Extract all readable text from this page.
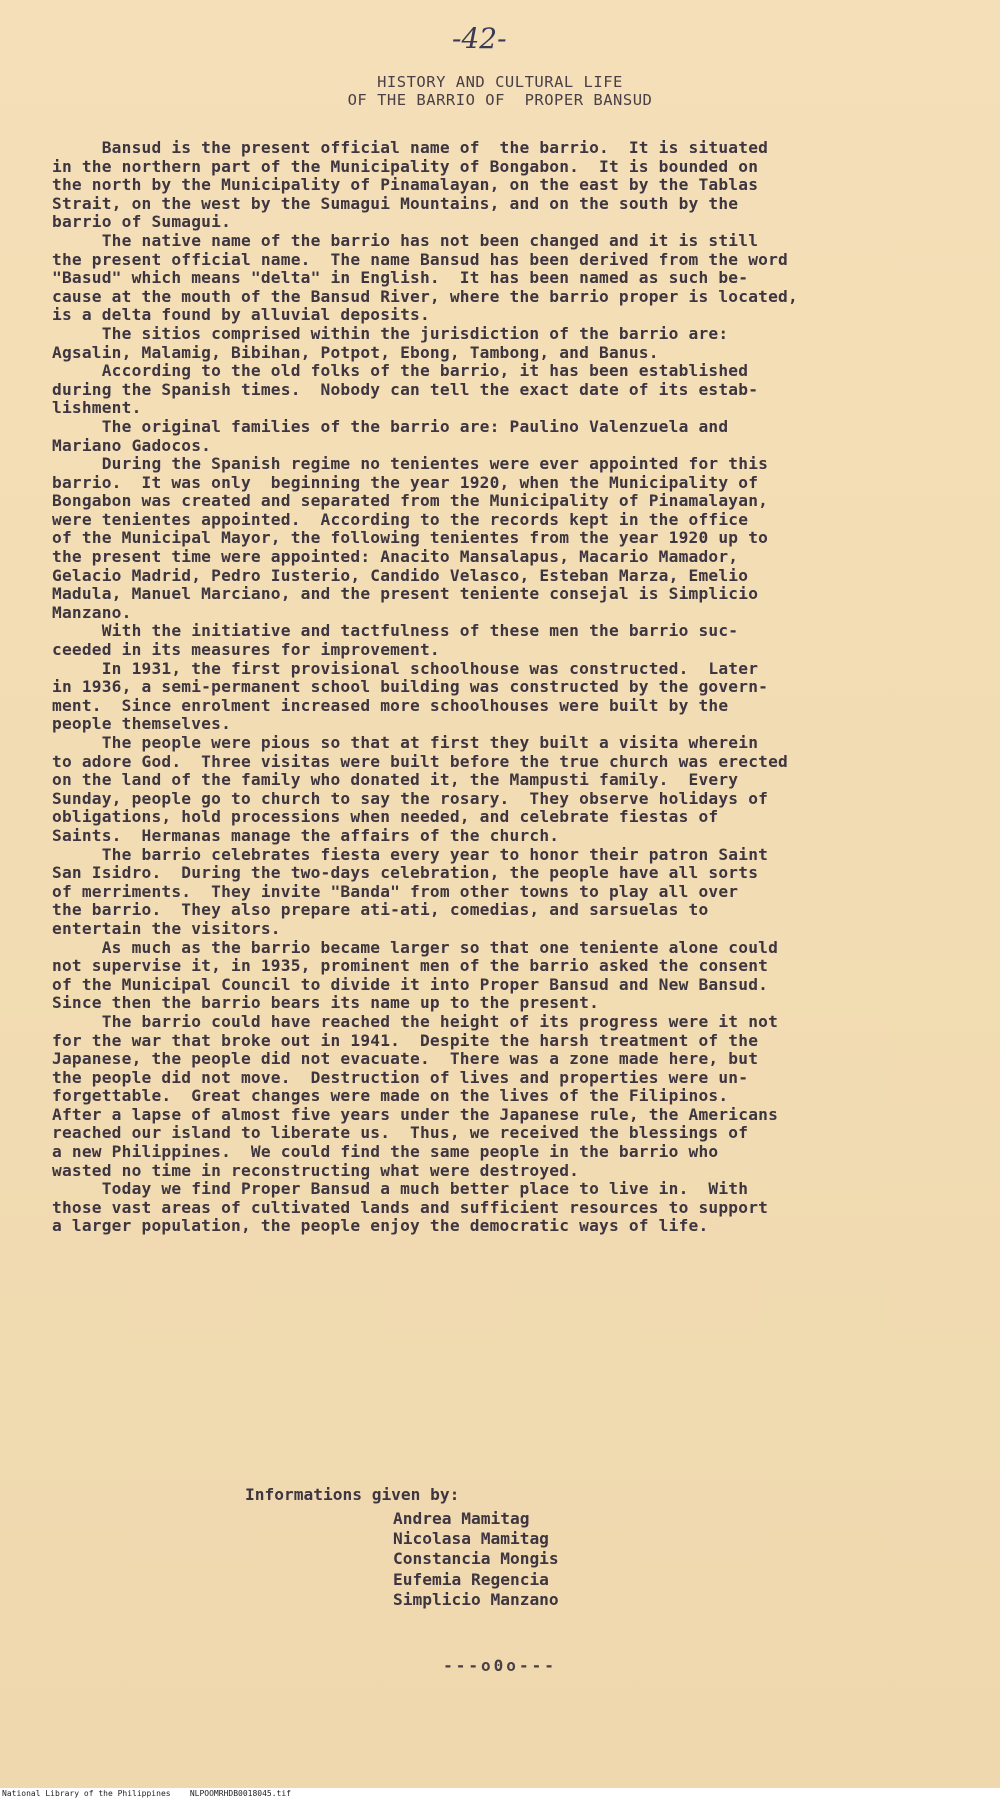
-42-
HISTORY AND CULTURAL LIFE
OF THE BARRIO OF  PROPER BANSUD
Bansud is the present official name of  the barrio.  It is situated
in the northern part of the Municipality of Bongabon.  It is bounded on
the north by the Municipality of Pinamalayan, on the east by the Tablas
Strait, on the west by the Sumagui Mountains, and on the south by the
barrio of Sumagui.
The native name of the barrio has not been changed and it is still
the present official name.  The name Bansud has been derived from the word
"Basud" which means "delta" in English.  It has been named as such be-
cause at the mouth of the Bansud River, where the barrio proper is located,
is a delta found by alluvial deposits.
The sitios comprised within the jurisdiction of the barrio are:
Agsalin, Malamig, Bibihan, Potpot, Ebong, Tambong, and Banus.
According to the old folks of the barrio, it has been established
during the Spanish times.  Nobody can tell the exact date of its estab-
lishment.
The original families of the barrio are: Paulino Valenzuela and
Mariano Gadocos.
During the Spanish regime no tenientes were ever appointed for this
barrio.  It was only  beginning the year 1920, when the Municipality of
Bongabon was created and separated from the Municipality of Pinamalayan,
were tenientes appointed.  According to the records kept in the office
of the Municipal Mayor, the following tenientes from the year 1920 up to
the present time were appointed: Anacito Mansalapus, Macario Mamador,
Gelacio Madrid, Pedro Iusterio, Candido Velasco, Esteban Marza, Emelio
Madula, Manuel Marciano, and the present teniente consejal is Simplicio
Manzano.
With the initiative and tactfulness of these men the barrio suc-
ceeded in its measures for improvement.
In 1931, the first provisional schoolhouse was constructed.  Later
in 1936, a semi-permanent school building was constructed by the govern-
ment.  Since enrolment increased more schoolhouses were built by the
people themselves.
The people were pious so that at first they built a visita wherein
to adore God.  Three visitas were built before the true church was erected
on the land of the family who donated it, the Mampusti family.  Every
Sunday, people go to church to say the rosary.  They observe holidays of
obligations, hold processions when needed, and celebrate fiestas of
Saints.  Hermanas manage the affairs of the church.
The barrio celebrates fiesta every year to honor their patron Saint
San Isidro.  During the two-days celebration, the people have all sorts
of merriments.  They invite "Banda" from other towns to play all over
the barrio.  They also prepare ati-ati, comedias, and sarsuelas to
entertain the visitors.
As much as the barrio became larger so that one teniente alone could
not supervise it, in 1935, prominent men of the barrio asked the consent
of the Municipal Council to divide it into Proper Bansud and New Bansud.
Since then the barrio bears its name up to the present.
The barrio could have reached the height of its progress were it not
for the war that broke out in 1941.  Despite the harsh treatment of the
Japanese, the people did not evacuate.  There was a zone made here, but
the people did not move.  Destruction of lives and properties were un-
forgettable.  Great changes were made on the lives of the Filipinos.
After a lapse of almost five years under the Japanese rule, the Americans
reached our island to liberate us.  Thus, we received the blessings of
a new Philippines.  We could find the same people in the barrio who
wasted no time in reconstructing what were destroyed.
Today we find Proper Bansud a much better place to live in.  With
those vast areas of cultivated lands and sufficient resources to support
a larger population, the people enjoy the democratic ways of life.
Informations given by:
Andrea Mamitag
Nicolasa Mamitag
Constancia Mongis
Eufemia Regencia
Simplicio Manzano
---o0o---
National Library of the Philippines    NLPOOMRHDB0018045.tif
